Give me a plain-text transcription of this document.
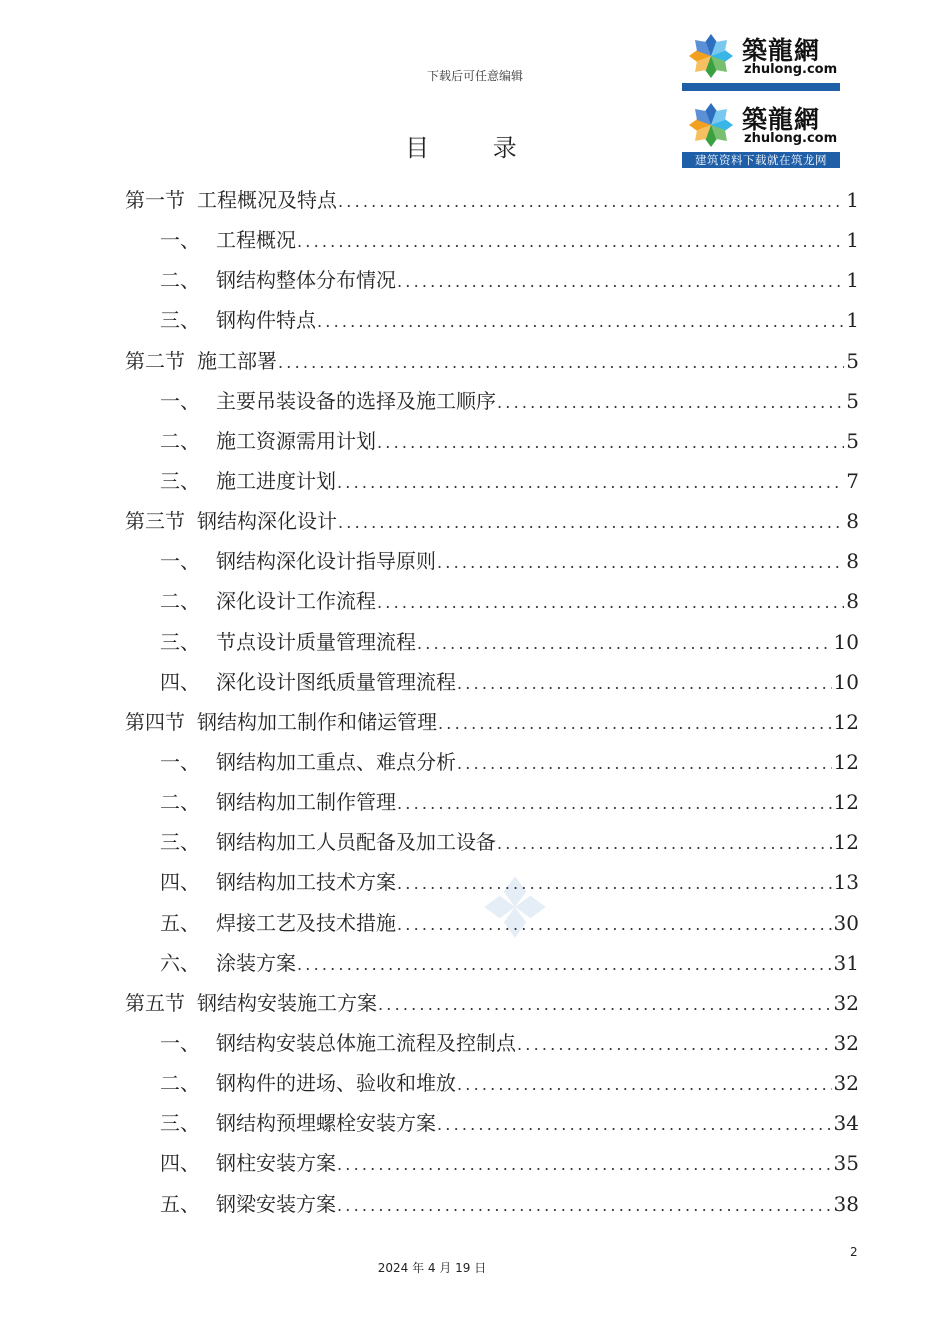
下载后可任意编辑
築龍網
zhulong.com
築龍網
zhulong.com
建筑资料下载就在筑龙网
目 录
第一节 工程概况及特点 .....	1
一、 工程概况 .....	1
二、 钢结构整体分布情况 .....	1
三、 钢构件特点 .....	1
第二节 施工部署 .....	5
一、 主要吊装设备的选择及施工顺序 .....	5
二、 施工资源需用计划 .....	5
三、 施工进度计划 .....	7
第三节 钢结构深化设计 .....	8
一、 钢结构深化设计指导原则 .....	8
二、 深化设计工作流程 .....	8
三、 节点设计质量管理流程 .....	10
四、 深化设计图纸质量管理流程 .....	10
第四节 钢结构加工制作和储运管理 .....	12
一、 钢结构加工重点、难点分析 .....	12
二、 钢结构加工制作管理 .....	12
三、 钢结构加工人员配备及加工设备 .....	12
四、 钢结构加工技术方案 .....	13
五、 焊接工艺及技术措施 .....	30
六、 涂装方案 .....	31
第五节 钢结构安装施工方案 .....	32
一、 钢结构安装总体施工流程及控制点 .....	32
二、 钢构件的进场、验收和堆放 .....	32
三、 钢结构预埋螺栓安装方案 .....	34
四、 钢柱安装方案 .....	35
五、 钢梁安装方案 .....	38
2
2024 年 4 月 19 日
